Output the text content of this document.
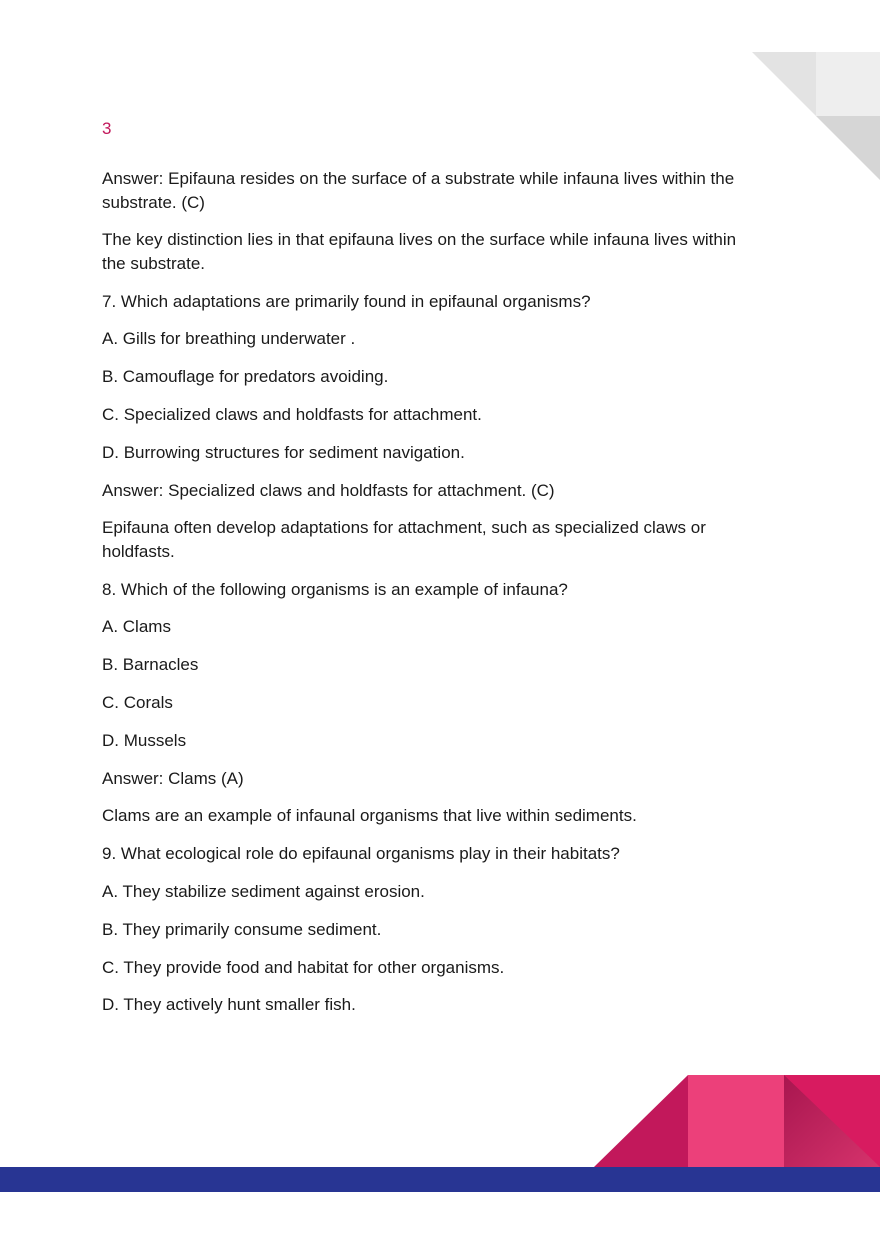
3

Answer: Epifauna resides on the surface of a substrate while infauna lives within the substrate. (C)

The key distinction lies in that epifauna lives on the surface while infauna lives within the substrate.

7. Which adaptations are primarily found in epifaunal organisms?

A. Gills for breathing underwater .

B. Camouflage for predators avoiding.

C. Specialized claws and holdfasts for attachment.

D. Burrowing structures for sediment navigation.

Answer: Specialized claws and holdfasts for attachment. (C)

Epifauna often develop adaptations for attachment, such as specialized claws or holdfasts.

8. Which of the following organisms is an example of infauna?

A. Clams

B. Barnacles

C. Corals

D. Mussels

Answer: Clams (A)

Clams are an example of infaunal organisms that live within sediments.

9. What ecological role do epifaunal organisms play in their habitats?

A. They stabilize sediment against erosion.

B. They primarily consume sediment.

C. They provide food and habitat for other organisms.

D. They actively hunt smaller fish.
